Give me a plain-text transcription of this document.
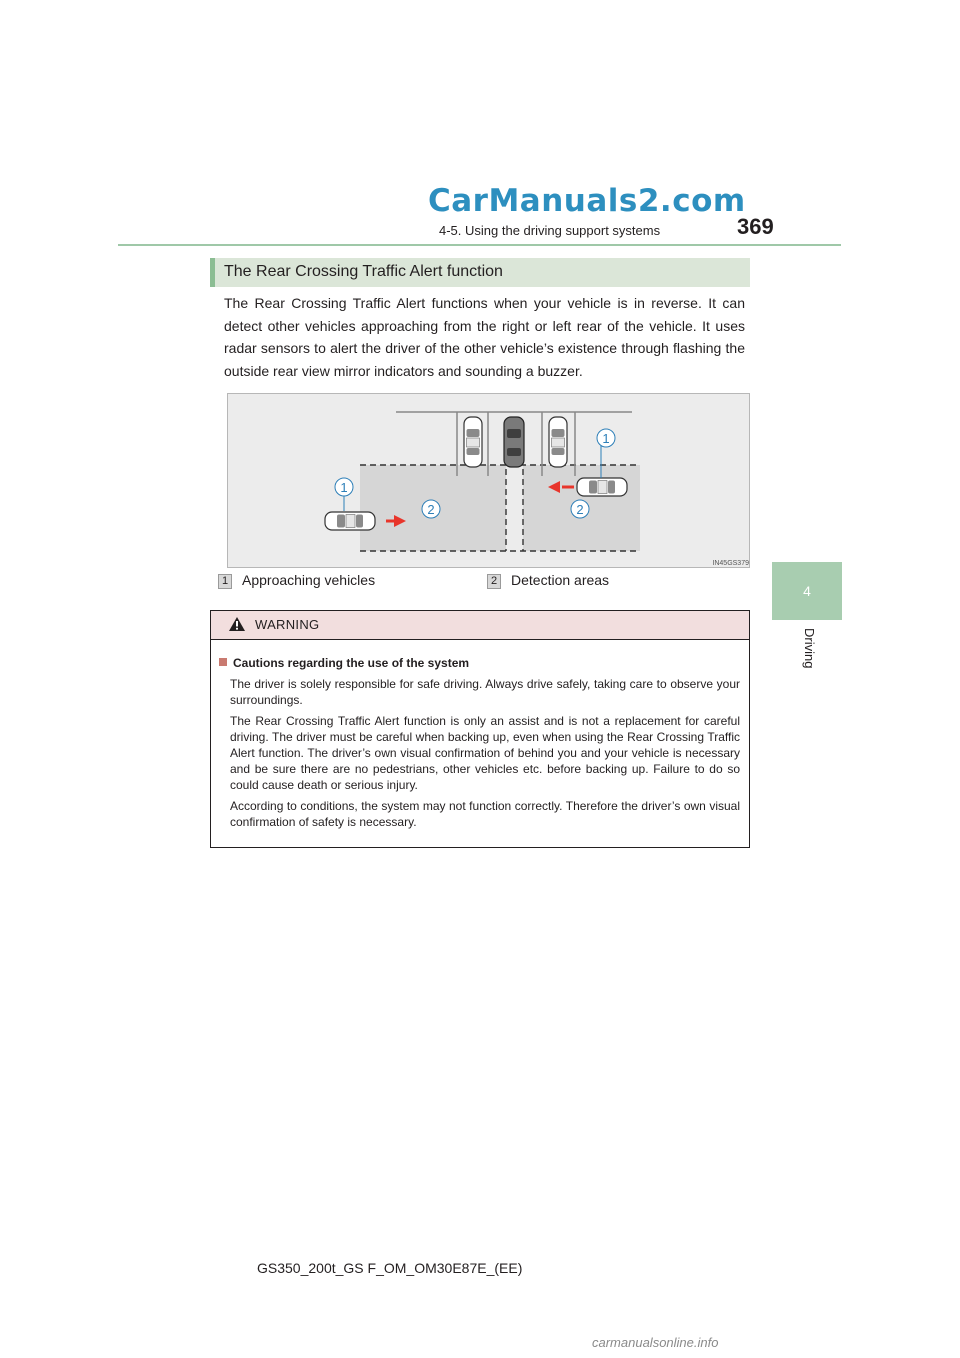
CarManuals2.com
4-5. Using the driving support systems	369
4
Driving
The Rear Crossing Traffic Alert function
The Rear Crossing Traffic Alert functions when your vehicle is in reverse. It can detect other vehicles approaching from the right or left rear of the vehicle. It uses radar sensors to alert the driver of the other vehicle’s existence through flashing the outside rear view mirror indicators and sounding a buzzer.
1
1
2	2
IN45GS379
1 Approaching vehicles	2 Detection areas
WARNING
Cautions regarding the use of the system
The driver is solely responsible for safe driving. Always drive safely, taking care to observe your surroundings.
The Rear Crossing Traffic Alert function is only an assist and is not a replacement for careful driving. The driver must be careful when backing up, even when using the Rear Crossing Traffic Alert function. The driver’s own visual confirmation of behind you and your vehicle is necessary and be sure there are no pedestrians, other vehicles etc. before backing up. Failure to do so could cause death or serious injury.
According to conditions, the system may not function correctly. Therefore the driver’s own visual confirmation of safety is necessary.
GS350_200t_GS F_OM_OM30E87E_(EE)
carmanualsonline.info
